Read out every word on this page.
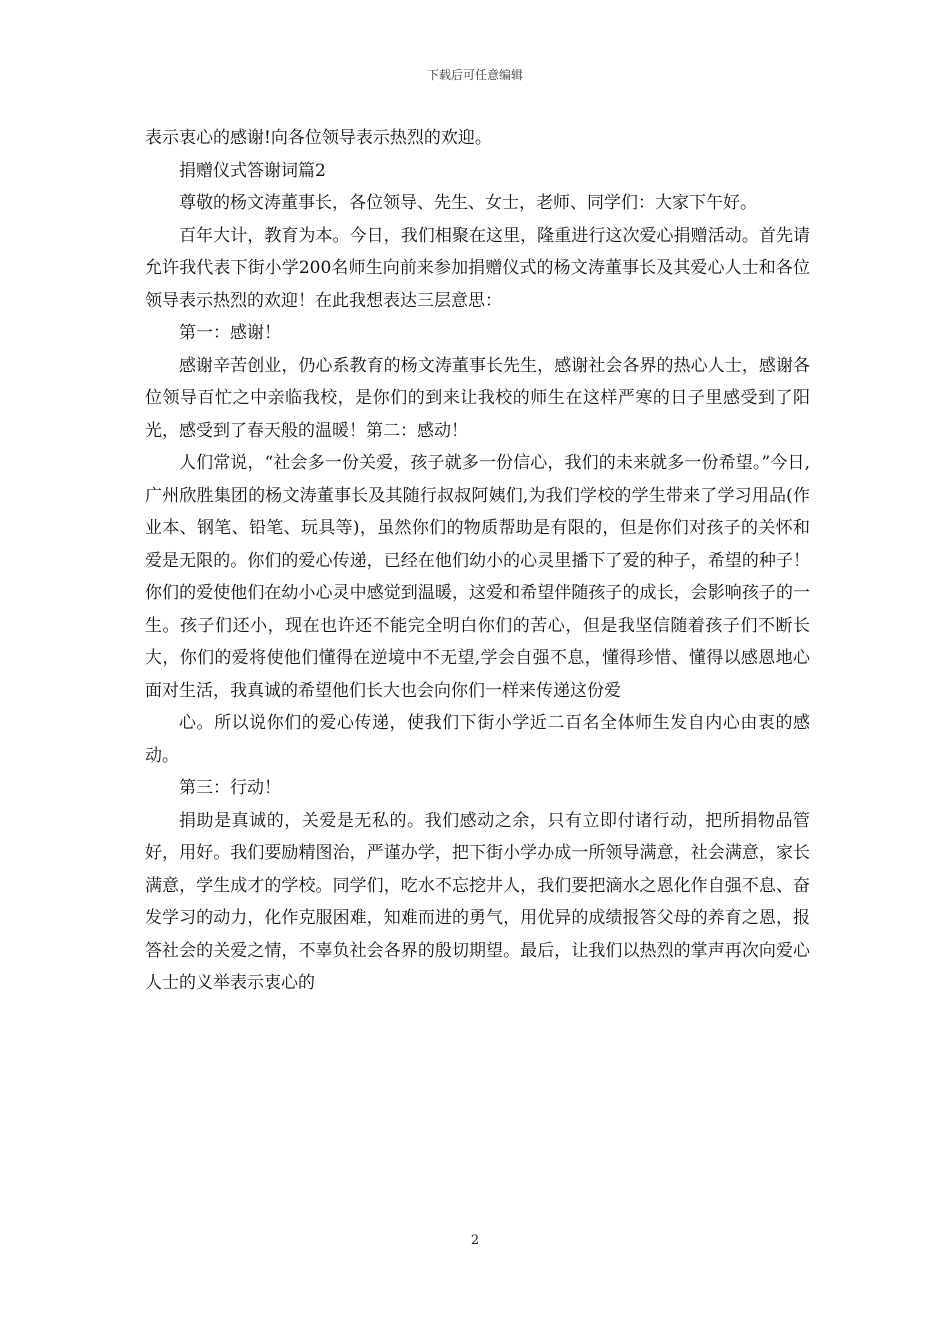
下载后可任意编辑

表示衷心的感谢!向各位领导表示热烈的欢迎。

捐赠仪式答谢词篇2

尊敬的杨文涛董事长，各位领导、先生、女士，老师、同学们：大家下午好。

百年大计，教育为本。今日，我们相聚在这里，隆重进行这次爱心捐赠活动。首先请允许我代表下街小学200名师生向前来参加捐赠仪式的杨文涛董事长及其爱心人士和各位领导表示热烈的欢迎！在此我想表达三层意思：

第一：感谢！

感谢辛苦创业，仍心系教育的杨文涛董事长先生，感谢社会各界的热心人士，感谢各位领导百忙之中亲临我校，是你们的到来让我校的师生在这样严寒的日子里感受到了阳光，感受到了春天般的温暖！第二：感动！

人们常说，“社会多一份关爱，孩子就多一份信心，我们的未来就多一份希望。”今日,广州欣胜集团的杨文涛董事长及其随行叔叔阿姨们,为我们学校的学生带来了学习用品(作业本、钢笔、铅笔、玩具等)，虽然你们的物质帮助是有限的，但是你们对孩子的关怀和爱是无限的。你们的爱心传递，已经在他们幼小的心灵里播下了爱的种子，希望的种子！你们的爱使他们在幼小心灵中感觉到温暖，这爱和希望伴随孩子的成长，会影响孩子的一生。孩子们还小，现在也许还不能完全明白你们的苦心，但是我坚信随着孩子们不断长大，你们的爱将使他们懂得在逆境中不无望,学会自强不息，懂得珍惜、懂得以感恩地心面对生活，我真诚的希望他们长大也会向你们一样来传递这份爱

心。所以说你们的爱心传递，使我们下街小学近二百名全体师生发自内心由衷的感动。

第三：行动！

捐助是真诚的，关爱是无私的。我们感动之余，只有立即付诸行动，把所捐物品管好，用好。我们要励精图治，严谨办学，把下街小学办成一所领导满意，社会满意，家长满意，学生成才的学校。同学们，吃水不忘挖井人，我们要把滴水之恩化作自强不息、奋发学习的动力，化作克服困难，知难而进的勇气，用优异的成绩报答父母的养育之恩，报答社会的关爱之情，不辜负社会各界的殷切期望。最后，让我们以热烈的掌声再次向爱心人士的义举表示衷心的

2
